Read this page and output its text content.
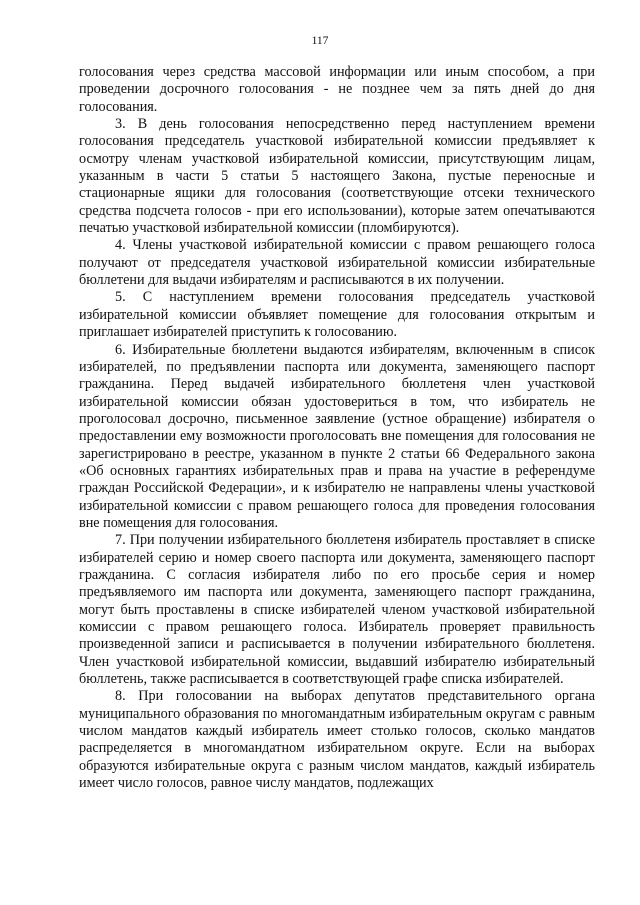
117

голосования через средства массовой информации или иным способом, а при проведении досрочного голосования - не позднее чем за пять дней до дня голосования.

3. В день голосования непосредственно перед наступлением времени голосования председатель участковой избирательной комиссии предъявляет к осмотру членам участковой избирательной комиссии, присутствующим лицам, указанным в части 5 статьи 5 настоящего Закона, пустые переносные и стационарные ящики для голосования (соответствующие отсеки технического средства подсчета голосов - при его использовании), которые затем опечатываются печатью участковой избирательной комиссии (пломбируются).

4. Члены участковой избирательной комиссии с правом решающего голоса получают от председателя участковой избирательной комиссии избирательные бюллетени для выдачи избирателям и расписываются в их получении.

5. С наступлением времени голосования председатель участковой избирательной комиссии объявляет помещение для голосования открытым и приглашает избирателей приступить к голосованию.

6. Избирательные бюллетени выдаются избирателям, включенным в список избирателей, по предъявлении паспорта или документа, заменяющего паспорт гражданина. Перед выдачей избирательного бюллетеня член участковой избирательной комиссии обязан удостовериться в том, что избиратель не проголосовал досрочно, письменное заявление (устное обращение) избирателя о предоставлении ему возможности проголосовать вне помещения для голосования не зарегистрировано в реестре, указанном в пункте 2 статьи 66 Федерального закона «Об основных гарантиях избирательных прав и права на участие в референдуме граждан Российской Федерации», и к избирателю не направлены члены участковой избирательной комиссии с правом решающего голоса для проведения голосования вне помещения для голосования.

7. При получении избирательного бюллетеня избиратель проставляет в списке избирателей серию и номер своего паспорта или документа, заменяющего паспорт гражданина. С согласия избирателя либо по его просьбе серия и номер предъявляемого им паспорта или документа, заменяющего паспорт гражданина, могут быть проставлены в списке избирателей членом участковой избирательной комиссии с правом решающего голоса. Избиратель проверяет правильность произведенной записи и расписывается в получении избирательного бюллетеня. Член участковой избирательной комиссии, выдавший избирателю избирательный бюллетень, также расписывается в соответствующей графе списка избирателей.

8. При голосовании на выборах депутатов представительного органа муниципального образования по многомандатным избирательным округам с равным числом мандатов каждый избиратель имеет столько голосов, сколько мандатов распределяется в многомандатном избирательном округе. Если на выборах образуются избирательные округа с разным числом мандатов, каждый избиратель имеет число голосов, равное числу мандатов, подлежащих
